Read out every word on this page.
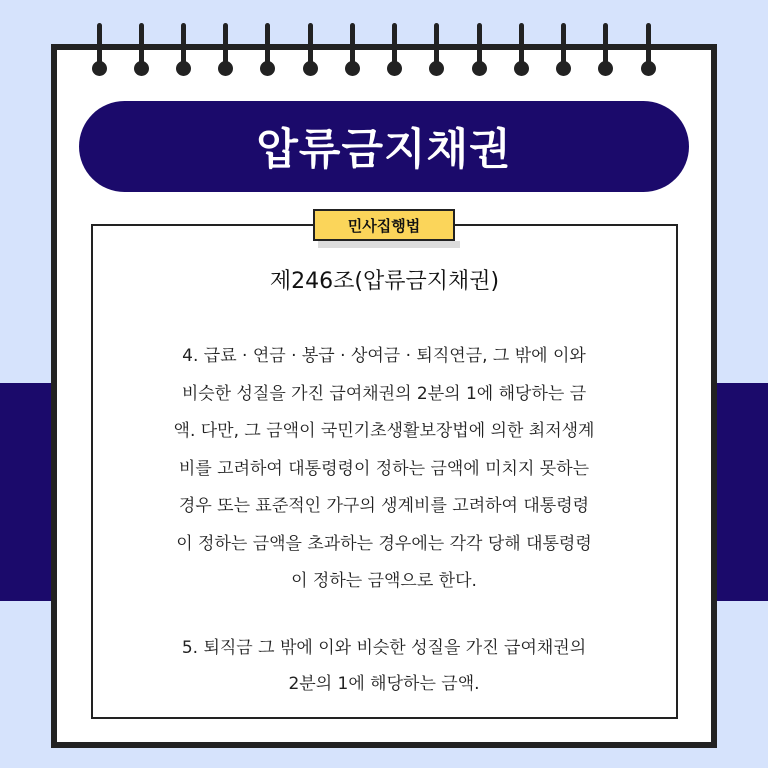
압류금지채권
민사집행법
제246조(압류금지채권)

4. 급료 · 연금 · 봉급 · 상여금 · 퇴직연금, 그 밖에 이와
비슷한 성질을 가진 급여채권의 2분의 1에 해당하는 금
액. 다만, 그 금액이 국민기초생활보장법에 의한 최저생계
비를 고려하여 대통령령이 정하는 금액에 미치지 못하는
경우 또는 표준적인 가구의 생계비를 고려하여 대통령령
이 정하는 금액을 초과하는 경우에는 각각 당해 대통령령
이 정하는 금액으로 한다.

5. 퇴직금 그 밖에 이와 비슷한 성질을 가진 급여채권의
2분의 1에 해당하는 금액.
